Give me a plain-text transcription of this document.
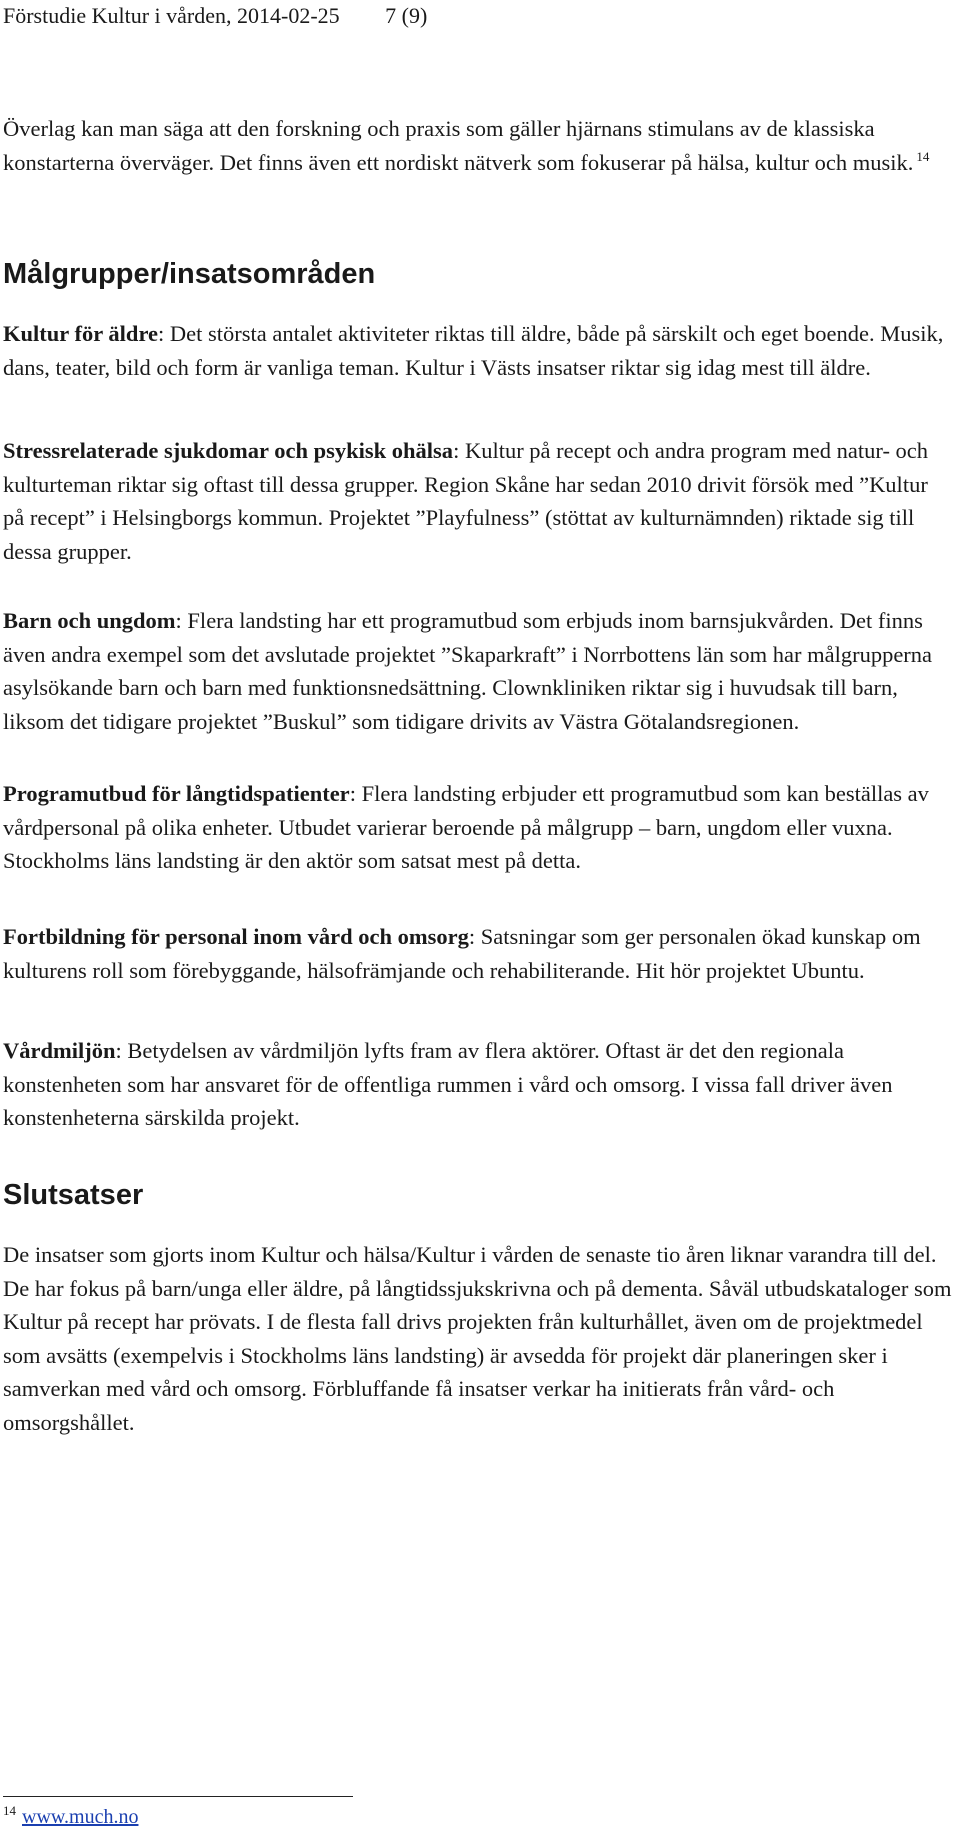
Förstudie Kultur i vården, 2014-02-25 7 (9)

Överlag kan man säga att den forskning och praxis som gäller hjärnans stimulans av de klassiska konstarterna överväger. Det finns även ett nordiskt nätverk som fokuserar på hälsa, kultur och musik. $^{14}$

Målgrupper/insatsområden

Kultur för äldre: Det största antalet aktiviteter riktas till äldre, både på särskilt och eget boende. Musik, dans, teater, bild och form är vanliga teman. Kultur i Västs insatser riktar sig idag mest till äldre.

Stressrelaterade sjukdomar och psykisk ohälsa: Kultur på recept och andra program med natur- och kulturteman riktar sig oftast till dessa grupper. Region Skåne har sedan 2010 drivit försök med ”Kultur på recept” i Helsingborgs kommun. Projektet ”Playfulness” (stöttat av kulturnämnden) riktade sig till dessa grupper.

Barn och ungdom: Flera landsting har ett programutbud som erbjuds inom barnsjukvården. Det finns även andra exempel som det avslutade projektet ”Skaparkraft” i Norrbottens län som har målgrupperna asylsökande barn och barn med funktionsnedsättning. Clownkliniken riktar sig i huvudsak till barn, liksom det tidigare projektet ”Buskul” som tidigare drivits av Västra Götalandsregionen.

Programutbud för långtidspatienter: Flera landsting erbjuder ett programutbud som kan beställas av vårdpersonal på olika enheter. Utbudet varierar beroende på målgrupp – barn, ungdom eller vuxna. Stockholms läns landsting är den aktör som satsat mest på detta.

Fortbildning för personal inom vård och omsorg: Satsningar som ger personalen ökad kunskap om kulturens roll som förebyggande, hälsofrämjande och rehabiliterande. Hit hör projektet Ubuntu.

Vårdmiljön: Betydelsen av vårdmiljön lyfts fram av flera aktörer. Oftast är det den regionala konstenheten som har ansvaret för de offentliga rummen i vård och omsorg. I vissa fall driver även konstenheterna särskilda projekt.

Slutsatser

De insatser som gjorts inom Kultur och hälsa/Kultur i vården de senaste tio åren liknar varandra till del. De har fokus på barn/unga eller äldre, på långtidssjukskrivna och på dementa. Såväl utbudskataloger som Kultur på recept har prövats. I de flesta fall drivs projekten från kulturhållet, även om de projektmedel som avsätts (exempelvis i Stockholms läns landsting) är avsedda för projekt där planeringen sker i samverkan med vård och omsorg. Förbluffande få insatser verkar ha initierats från vård- och omsorgshållet.

$^{14}$ www.much.no
